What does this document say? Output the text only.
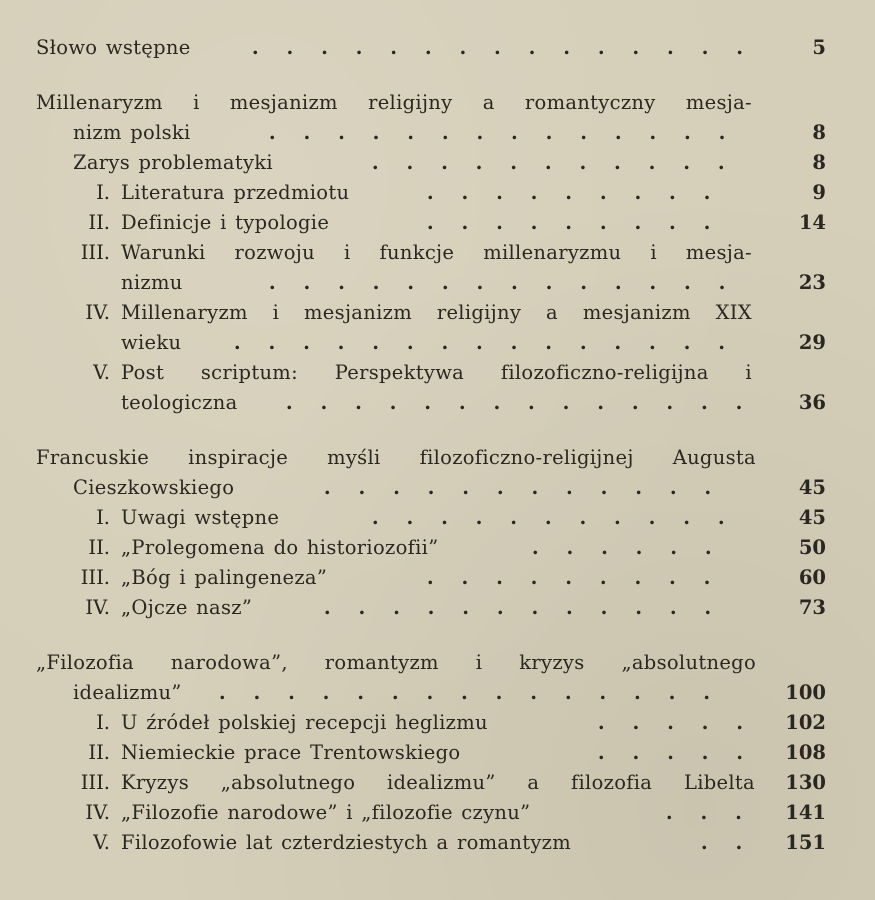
Słowo wstępne	. . . . . . . . . . . . . . .	5
Millenaryzm i mesjanizm religijny a romantyczny mesja-
nizm polski	. . . . . . . . . . . . . .	8
Zarys problematyki	. . . . . . . . . . .	8
I. Literatura przedmiotu	. . . . . . . . .	9
II. Definicje i typologie	. . . . . . . . .	14
III. Warunki rozwoju i funkcje millenaryzmu i mesja-
nizmu	. . . . . . . . . . . . . .	23
IV. Millenaryzm i mesjanizm religijny a mesjanizm XIX
wieku	. . . . . . . . . . . . . . .	29
V. Post scriptum: Perspektywa filozoficzno-religijna i
teologiczna	. . . . . . . . . . . . . .	36
Francuskie inspiracje myśli filozoficzno-religijnej Augusta
Cieszkowskiego	. . . . . . . . . . . .	45
I. Uwagi wstępne	. . . . . . . . . . .	45
II. „Prolegomena do historiozofii”	. . . . . .	50
III. „Bóg i palingeneza”	. . . . . . . . .	60
IV. „Ojcze nasz”	. . . . . . . . . . . .	73
„Filozofia narodowa”, romantyzm i kryzys „absolutnego
idealizmu”	. . . . . . . . . . . . . . .	100
I. U źródeł polskiej recepcji heglizmu	. . . . .	102
II. Niemieckie prace Trentowskiego	. . . . .	108
III. Kryzys „absolutnego idealizmu” a filozofia Libelta 130
IV. „Filozofie narodowe” i „filozofie czynu”	. . .	141
V. Filozofowie lat czterdziestych a romantyzm	. .	151
